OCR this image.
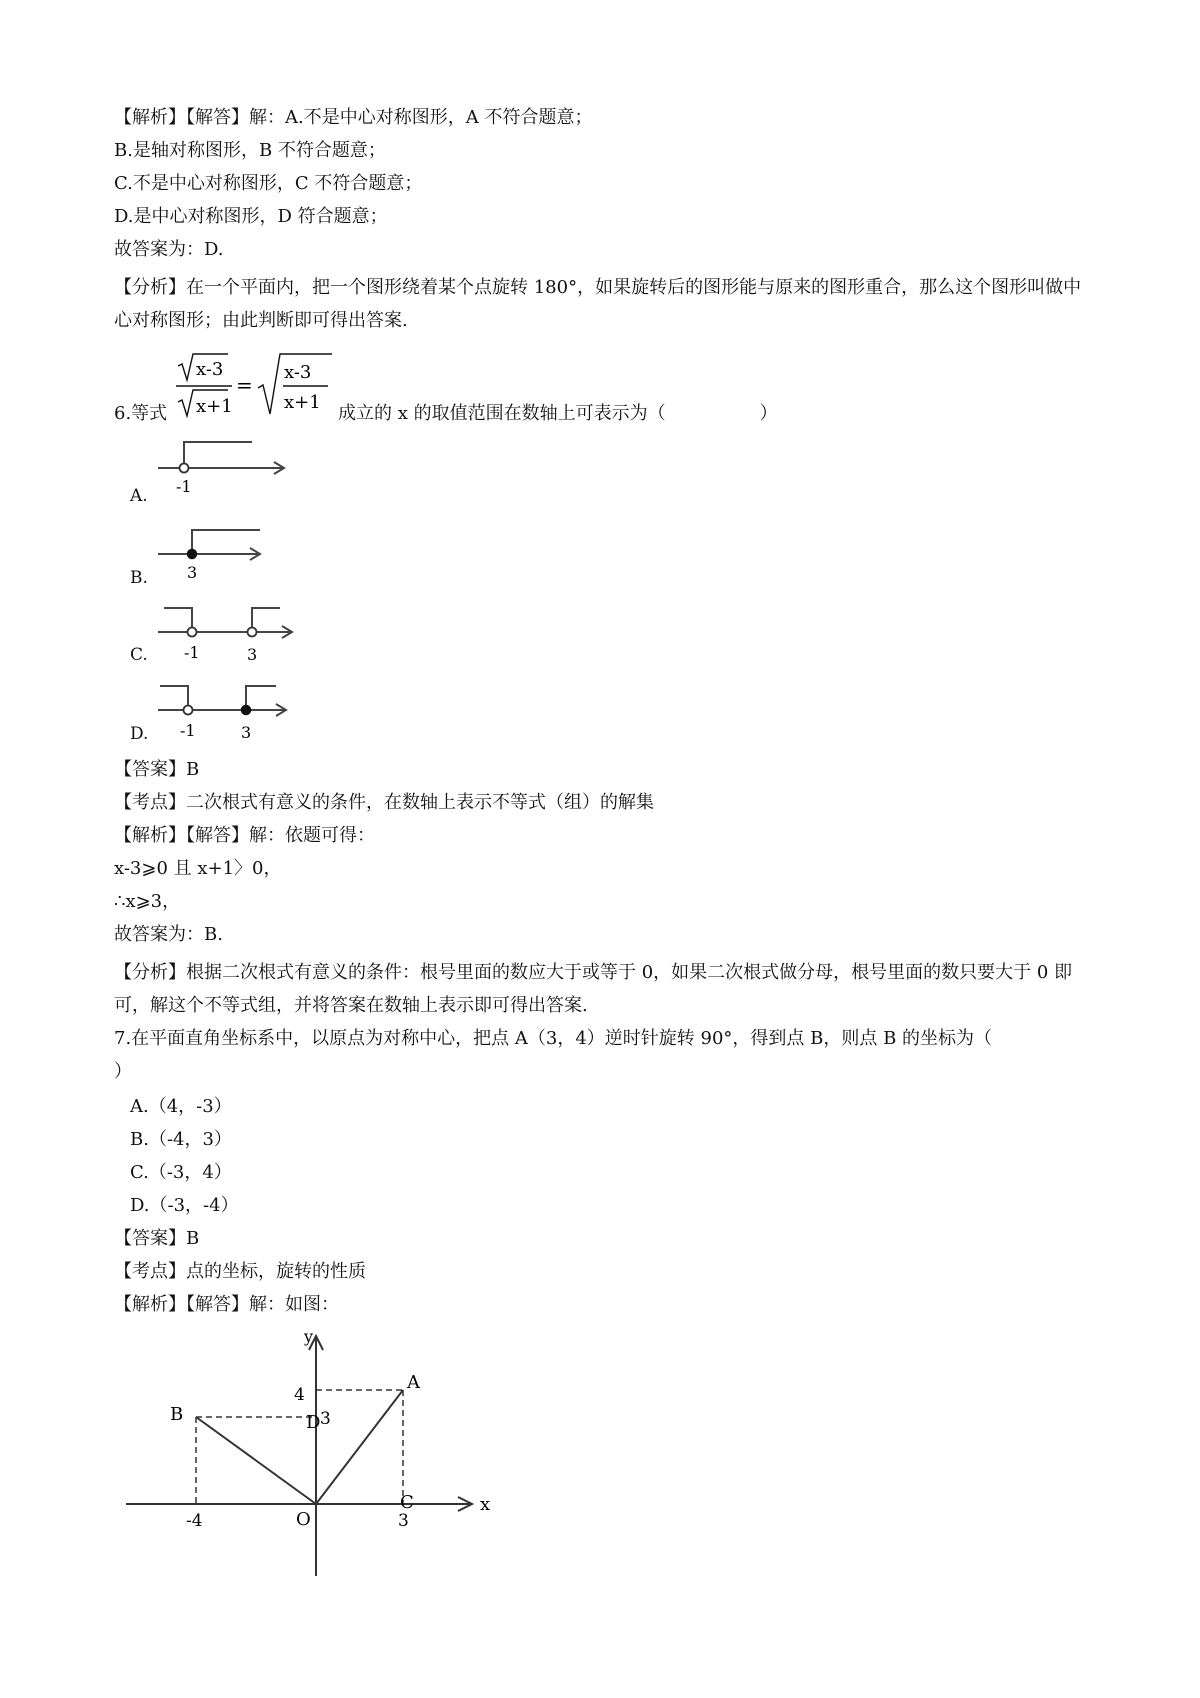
【解析】【解答】解：A.不是中心对称图形，A 不符合题意；
B.是轴对称图形，B 不符合题意；
C.不是中心对称图形，C 不符合题意；
D.是中心对称图形，D 符合题意；
故答案为：D.
【分析】在一个平面内，把一个图形绕着某个点旋转 180°，如果旋转后的图形能与原来的图形重合，那么这个图形叫做中心对称图形；由此判断即可得出答案.
6.等式
x-3
x+1
=
x-3
x+1
成立的 x 的取值范围在数轴上可表示为（	）
A. -1
B. 3
C. -1	3
D. -1	3
【答案】B
【考点】二次根式有意义的条件，在数轴上表示不等式（组）的解集
【解析】【解答】解：依题可得：
x-3⩾0 且 x+1〉0，
∴x⩾3，
故答案为：B.
【分析】根据二次根式有意义的条件：根号里面的数应大于或等于 0，如果二次根式做分母，根号里面的数只要大于 0 即可，解这个不等式组，并将答案在数轴上表示即可得出答案.
7.在平面直角坐标系中，以原点为对称中心，把点 A（3，4）逆时针旋转 90°，得到点 B，则点 B 的坐标为（）
A.（4，-3）
B.（-4，3）
C.（-3，4）
D.（-3，-4）
【答案】B
【考点】点的坐标，旋转的性质
【解析】【解答】解：如图：
y
x
A
B
C
D
O
4
3
-4	3
